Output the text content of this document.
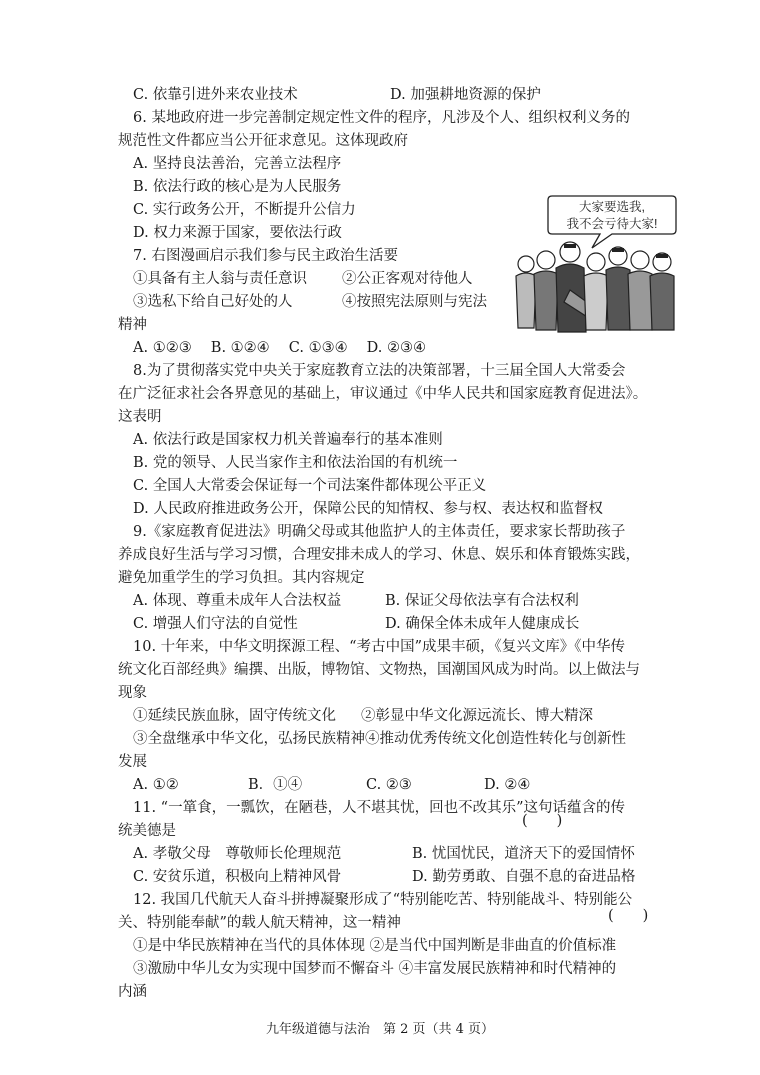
C. 依靠引进外来农业技术	D. 加强耕地资源的保护
6. 某地政府进一步完善制定规定性文件的程序，凡涉及个人、组织权利义务的
规范性文件都应当公开征求意见。这体现政府
A. 坚持良法善治，完善立法程序
B. 依法行政的核心是为人民服务
C. 实行政务公开，不断提升公信力
D. 权力来源于国家，要依法行政
7. 右图漫画启示我们参与民主政治生活要
①具备有主人翁与责任意识 ②公正客观对待他人
③选私下给自己好处的人	④按照宪法原则与宪法
精神
A. ①②③　 B. ①②④　 C. ①③④　 D. ②③④
大家要选我,
我不会亏待大家!
8.为了贯彻落实党中央关于家庭教育立法的决策部署，十三届全国人大常委会
在广泛征求社会各界意见的基础上，审议通过《中华人民共和国家庭教育促进法》。
这表明
A. 依法行政是国家权力机关普遍奉行的基本准则
B. 党的领导、人民当家作主和依法治国的有机统一
C. 全国人大常委会保证每一个司法案件都体现公平正义
D. 人民政府推进政务公开，保障公民的知情权、参与权、表达权和监督权
9.《家庭教育促进法》明确父母或其他监护人的主体责任，要求家长帮助孩子
养成良好生活与学习习惯，合理安排未成人的学习、休息、娱乐和体育锻炼实践，
避免加重学生的学习负担。其内容规定
A. 体现、尊重未成年人合法权益	B. 保证父母依法享有合法权利
C. 增强人们守法的自觉性	D. 确保全体未成年人健康成长
10. 十年来，中华文明探源工程、“考古中国”成果丰硕，《复兴文库》《中华传
统文化百部经典》编撰、出版，博物馆、文物热，国潮国风成为时尚。以上做法与
现象
①延续民族血脉，固守传统文化 ②彰显中华文化源远流长、博大精深
③全盘继承中华文化，弘扬民族精神④推动优秀传统文化创造性转化与创新性
发展
A. ①②	B．①④	C. ②③	D. ②④
11. “一箪食，一瓢饮，在陋巷，人不堪其忧，回也不改其乐”这句话蕴含的传
统美德是
(　　)
A. 孝敬父母　尊敬师长伦理规范	B. 忧国忧民，道济天下的爱国情怀
C. 安贫乐道，积极向上精神风骨	D. 勤劳勇敢、自强不息的奋进品格
12. 我国几代航天人奋斗拼搏凝聚形成了“特别能吃苦、特别能战斗、特别能公
关、特别能奉献”的载人航天精神，这一精神	(　　)
①是中华民族精神在当代的具体体现 ②是当代中国判断是非曲直的价值标准
③激励中华儿女为实现中国梦而不懈奋斗 ④丰富发展民族精神和时代精神的
内涵
九年级道德与法治　第 2 页（共 4 页）
